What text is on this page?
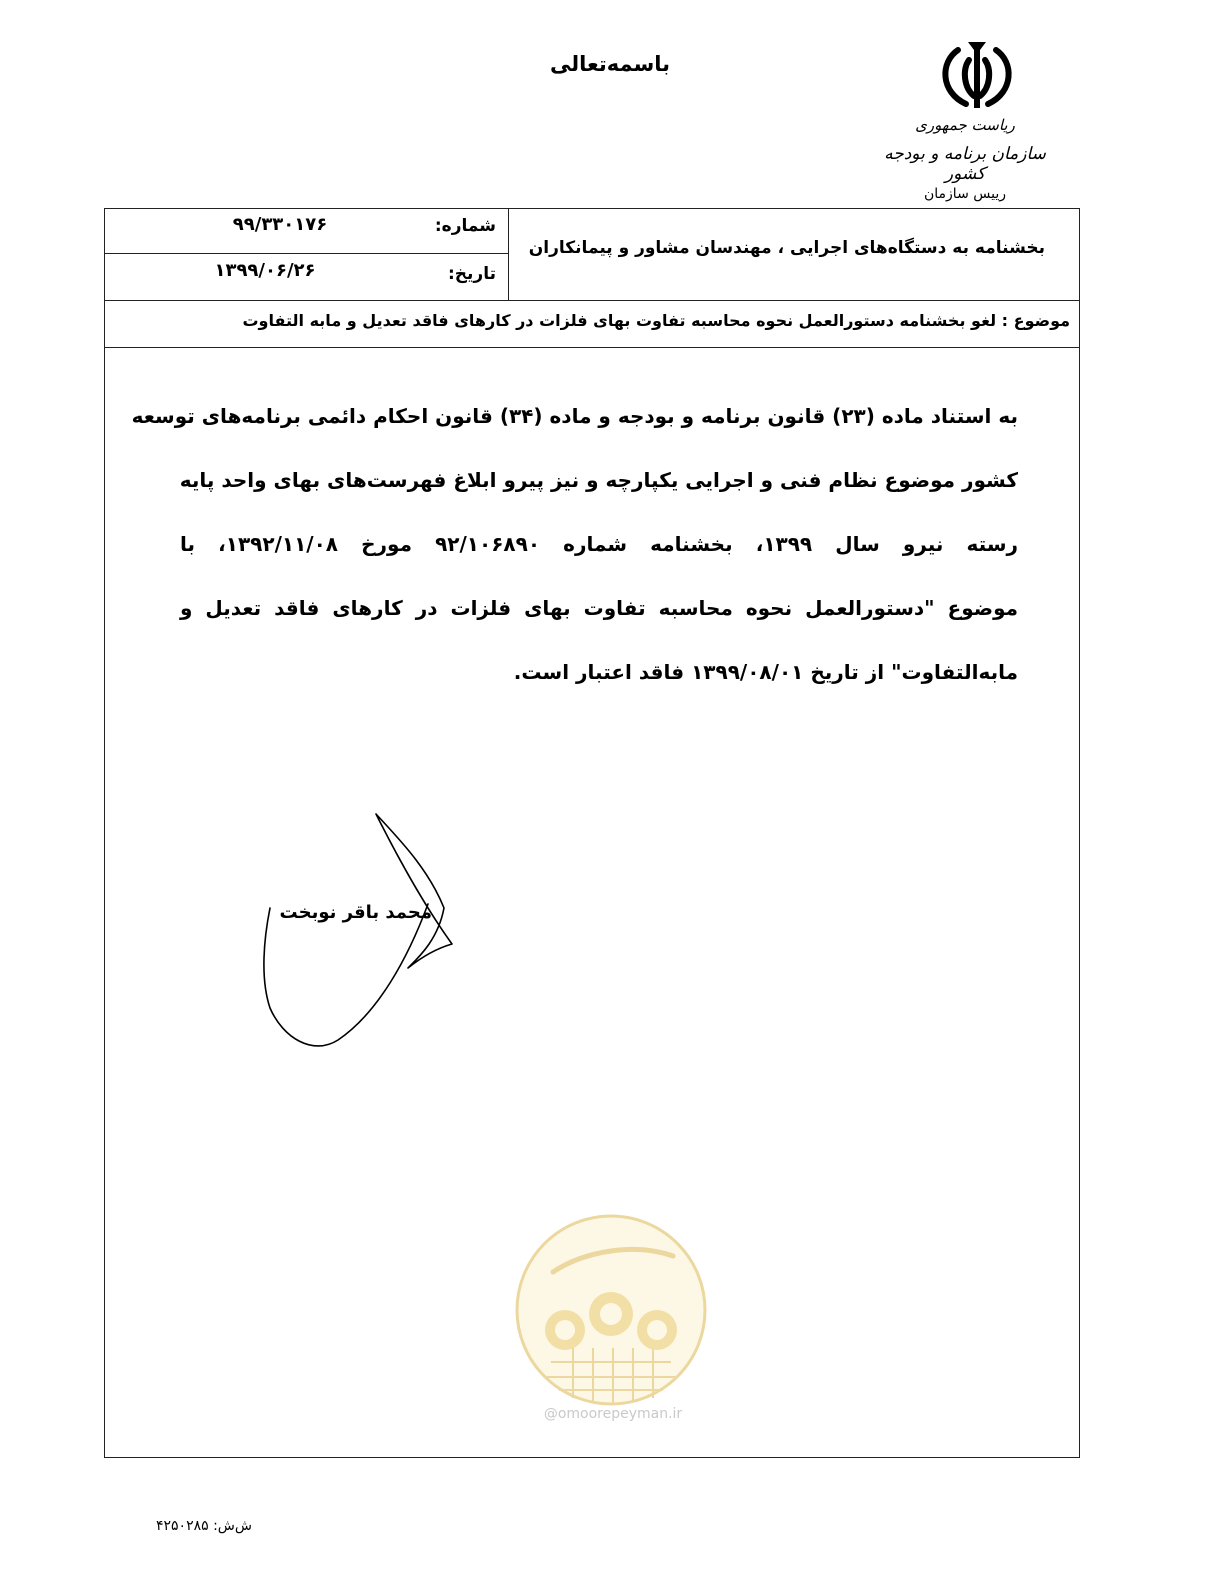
باسمه‌تعالی
ریاست جمهوری
سازمان برنامه و بودجه کشور
رییس سازمان
شماره:
۹۹/۳۳۰۱۷۶
تاریخ:
۱۳۹۹/۰۶/۲۶
بخشنامه به دستگاه‌های اجرایی ، مهندسان مشاور و پیمانکاران
موضوع : لغو بخشنامه دستورالعمل نحوه محاسبه تفاوت بهای فلزات در کارهای فاقد تعدیل و مابه التفاوت
به استناد ماده (۲۳) قانون برنامه و بودجه و ماده (۳۴) قانون احکام دائمی برنامه‌های توسعه
کشور موضوع نظام فنی و اجرایی یکپارچه و نیز پیرو ابلاغ فهرست‌های بهای واحد پایه
رسته نیرو سال ۱۳۹۹، بخشنامه شماره ۹۲/۱۰۶۸۹۰ مورخ ۱۳۹۲/۱۱/۰۸، با
موضوع "دستورالعمل نحوه محاسبه تفاوت بهای فلزات در کارهای فاقد تعدیل و
مابه‌التفاوت" از تاریخ ۱۳۹۹/۰۸/۰۱ فاقد اعتبار است.
محمد باقر نوبخت
@omoorepeyman.ir
ش‌ش: ۴۲۵۰۲۸۵
